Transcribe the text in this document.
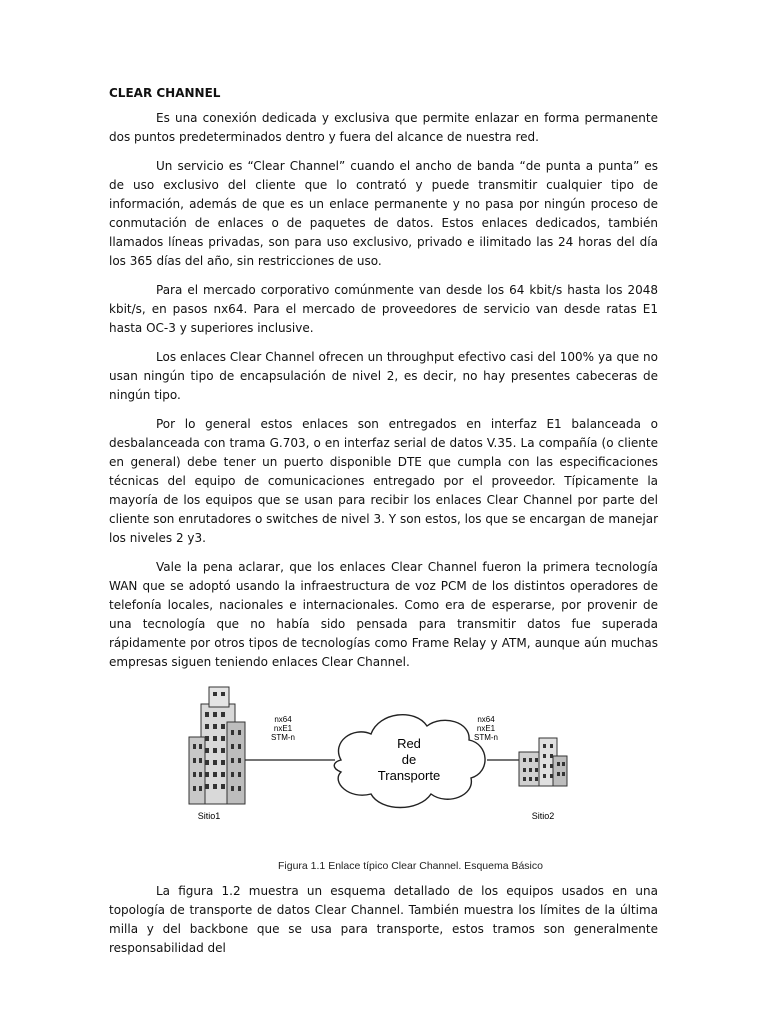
CLEAR CHANNEL

Es una conexión dedicada y exclusiva que permite enlazar en forma permanente dos puntos predeterminados dentro y fuera del alcance de nuestra red.

Un servicio es “Clear Channel” cuando el ancho de banda “de punta a punta” es de uso exclusivo del cliente que lo contrató y puede transmitir cualquier tipo de información, además de que es un enlace permanente y no pasa por ningún proceso de conmutación de enlaces o de paquetes de datos. Estos enlaces dedicados, también llamados líneas privadas, son para uso exclusivo, privado e ilimitado las 24 horas del día los 365 días del año, sin restricciones de uso.

Para el mercado corporativo comúnmente van desde los 64 kbit/s hasta los 2048 kbit/s, en pasos nx64. Para el mercado de proveedores de servicio van desde ratas E1 hasta OC-3 y superiores inclusive.

Los enlaces Clear Channel ofrecen un throughput efectivo casi del 100% ya que no usan ningún tipo de encapsulación de nivel 2, es decir, no hay presentes cabeceras de ningún tipo.

Por lo general estos enlaces son entregados en interfaz E1 balanceada o desbalanceada con trama G.703, o en interfaz serial de datos V.35. La compañía (o cliente en general) debe tener un puerto disponible DTE que cumpla con las especificaciones técnicas del equipo de comunicaciones entregado por el proveedor. Típicamente la mayoría de los equipos que se usan para recibir los enlaces Clear Channel por parte del cliente son enrutadores o switches de nivel 3. Y son estos, los que se encargan de manejar los niveles 2 y3.

Vale la pena aclarar, que los enlaces Clear Channel fueron la primera tecnología WAN que se adoptó usando la infraestructura de voz PCM de los distintos operadores de telefonía locales, nacionales e internacionales. Como era de esperarse, por provenir de una tecnología que no había sido pensada para transmitir datos fue superada rápidamente por otros tipos de tecnologías como Frame Relay y ATM, aunque aún muchas empresas siguen teniendo enlaces Clear Channel.

nx64
nxE1
STM-n
nx64
nxE1
STM-n
Red
de
Transporte
Sitio1	Sitio2
Figura 1.1 Enlace típico Clear Channel. Esquema Básico

La figura 1.2 muestra un esquema detallado de los equipos usados en una topología de transporte de datos Clear Channel. También muestra los límites de la última milla y del backbone que se usa para transporte, estos tramos son generalmente responsabilidad del
